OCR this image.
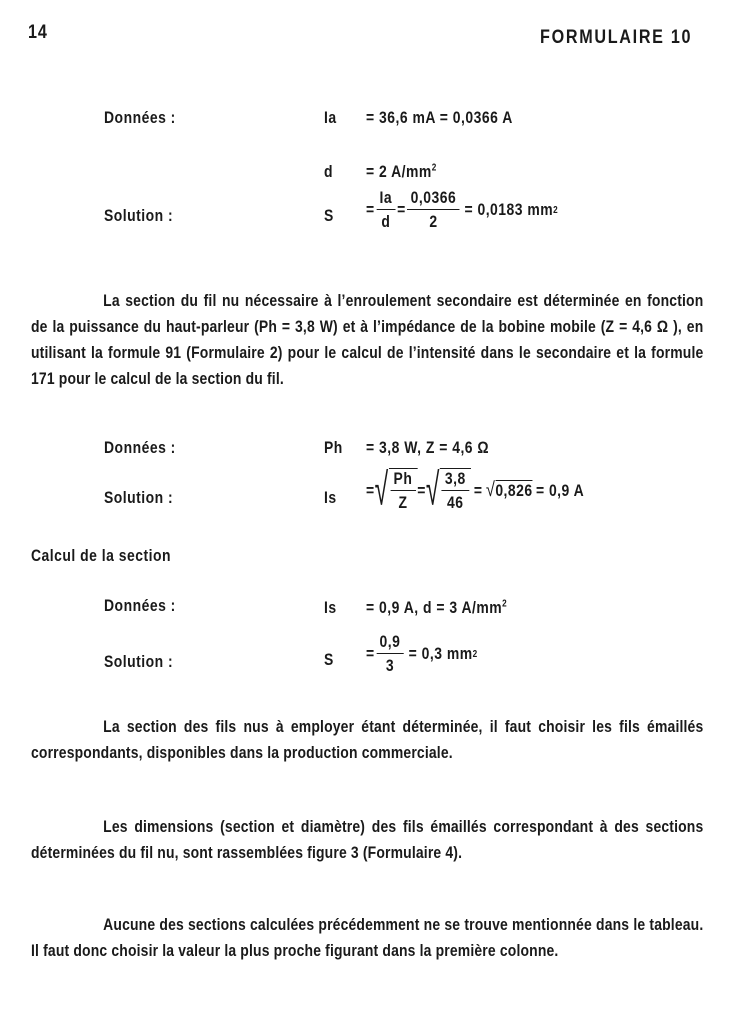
14	FORMULAIRE 10
Données :	Ia = 36,6 mA = 0,0366 A
d = 2 $A/mm^2$
Solution :	$S = \frac{Ia}{d} = \frac{0,0366}{2} = 0,0183$ mm 2

La section du fil nu nécessaire à l’enroulement secondaire est déterminée en fonction de la puissance du haut-parleur (Ph = 3,8 W) et à l’impédance de la bobine mobile (Z = 4,6 Ω ), en utilisant la formule 91 (Formulaire 2) pour le calcul de l’intensité dans le secondaire et la formule 171 pour le calcul de la section du fil.

Données :	Ph = 3,8 W, Z = 4,6 Ω
Solution :	Is = √ $\frac{Ph}{Z}$ = √ $\frac{3,8}{46} = √0,826 = 0,9$ A
Calcul de la section
Données :	Is = 0,9 A, d = 3 $A/mm^2$
Solution :	$S = \frac{0,9}{3} = 0,3$ mm 2

La section des fils nus à employer étant déterminée, il faut choisir les fils émaillés correspondants, disponibles dans la production commerciale.

Les dimensions (section et diamètre) des fils émaillés correspondant à des sections déterminées du fil nu, sont rassemblées figure 3 (Formulaire 4).

Aucune des sections calculées précédemment ne se trouve mentionnée dans le tableau. Il faut donc choisir la valeur la plus proche figurant dans la première colonne.
